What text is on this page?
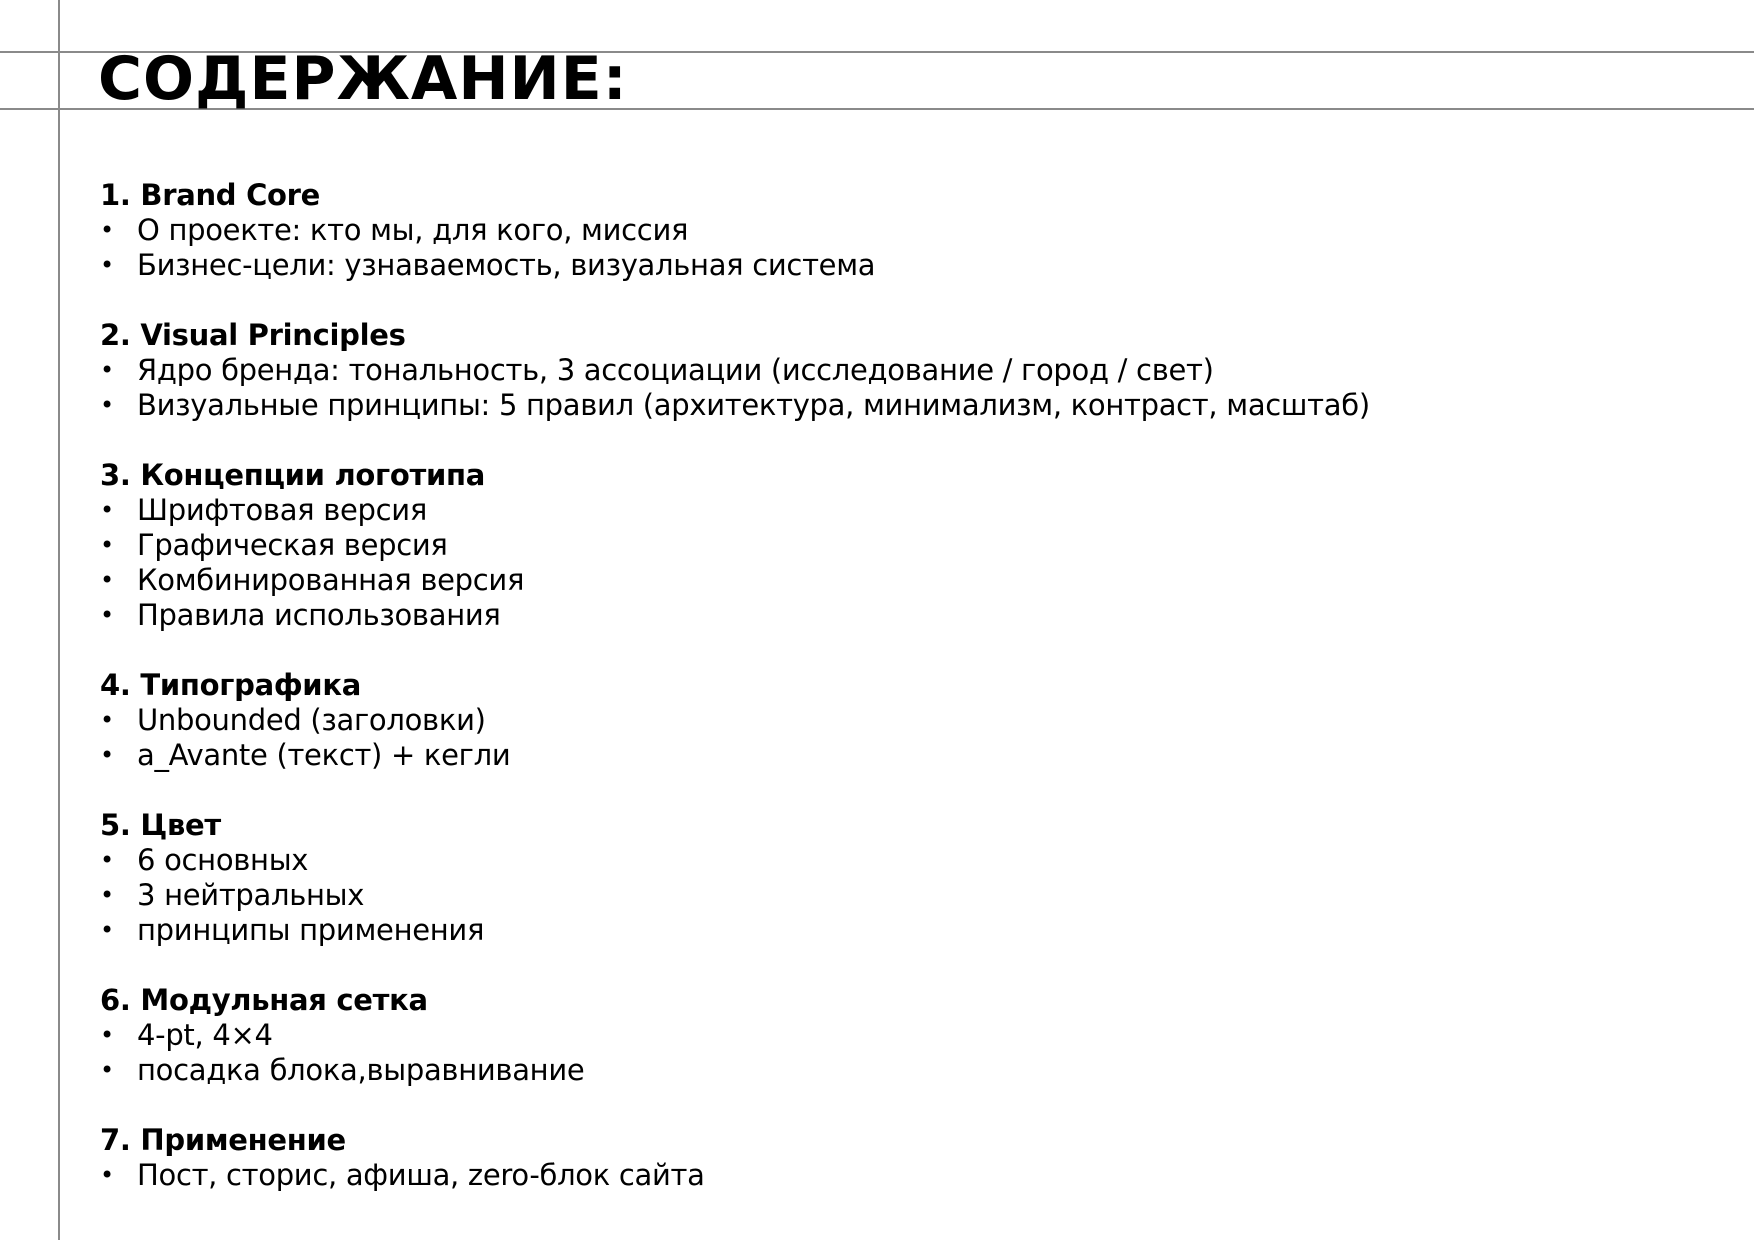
СОДЕРЖАНИЕ:
1. Brand Core
• О проекте: кто мы, для кого, миссия
• Бизнес-цели: узнаваемость, визуальная система
2. Visual Principles
• Ядро бренда: тональность, 3 ассоциации (исследование / город / свет)
• Визуальные принципы: 5 правил (архитектура, минимализм, контраст, масштаб)
3. Концепции логотипа
• Шрифтовая версия
• Графическая версия
• Комбинированная версия
• Правила использования
4. Типографика
• Unbounded (заголовки)
• a_Avante (текст) + кегли
5. Цвет
• 6 основных
• 3 нейтральных
• принципы применения
6. Модульная сетка
• 4-pt, 4×4
• посадка блока,выравнивание
7. Применение
• Пост, сторис, афиша, zero-блок сайта
